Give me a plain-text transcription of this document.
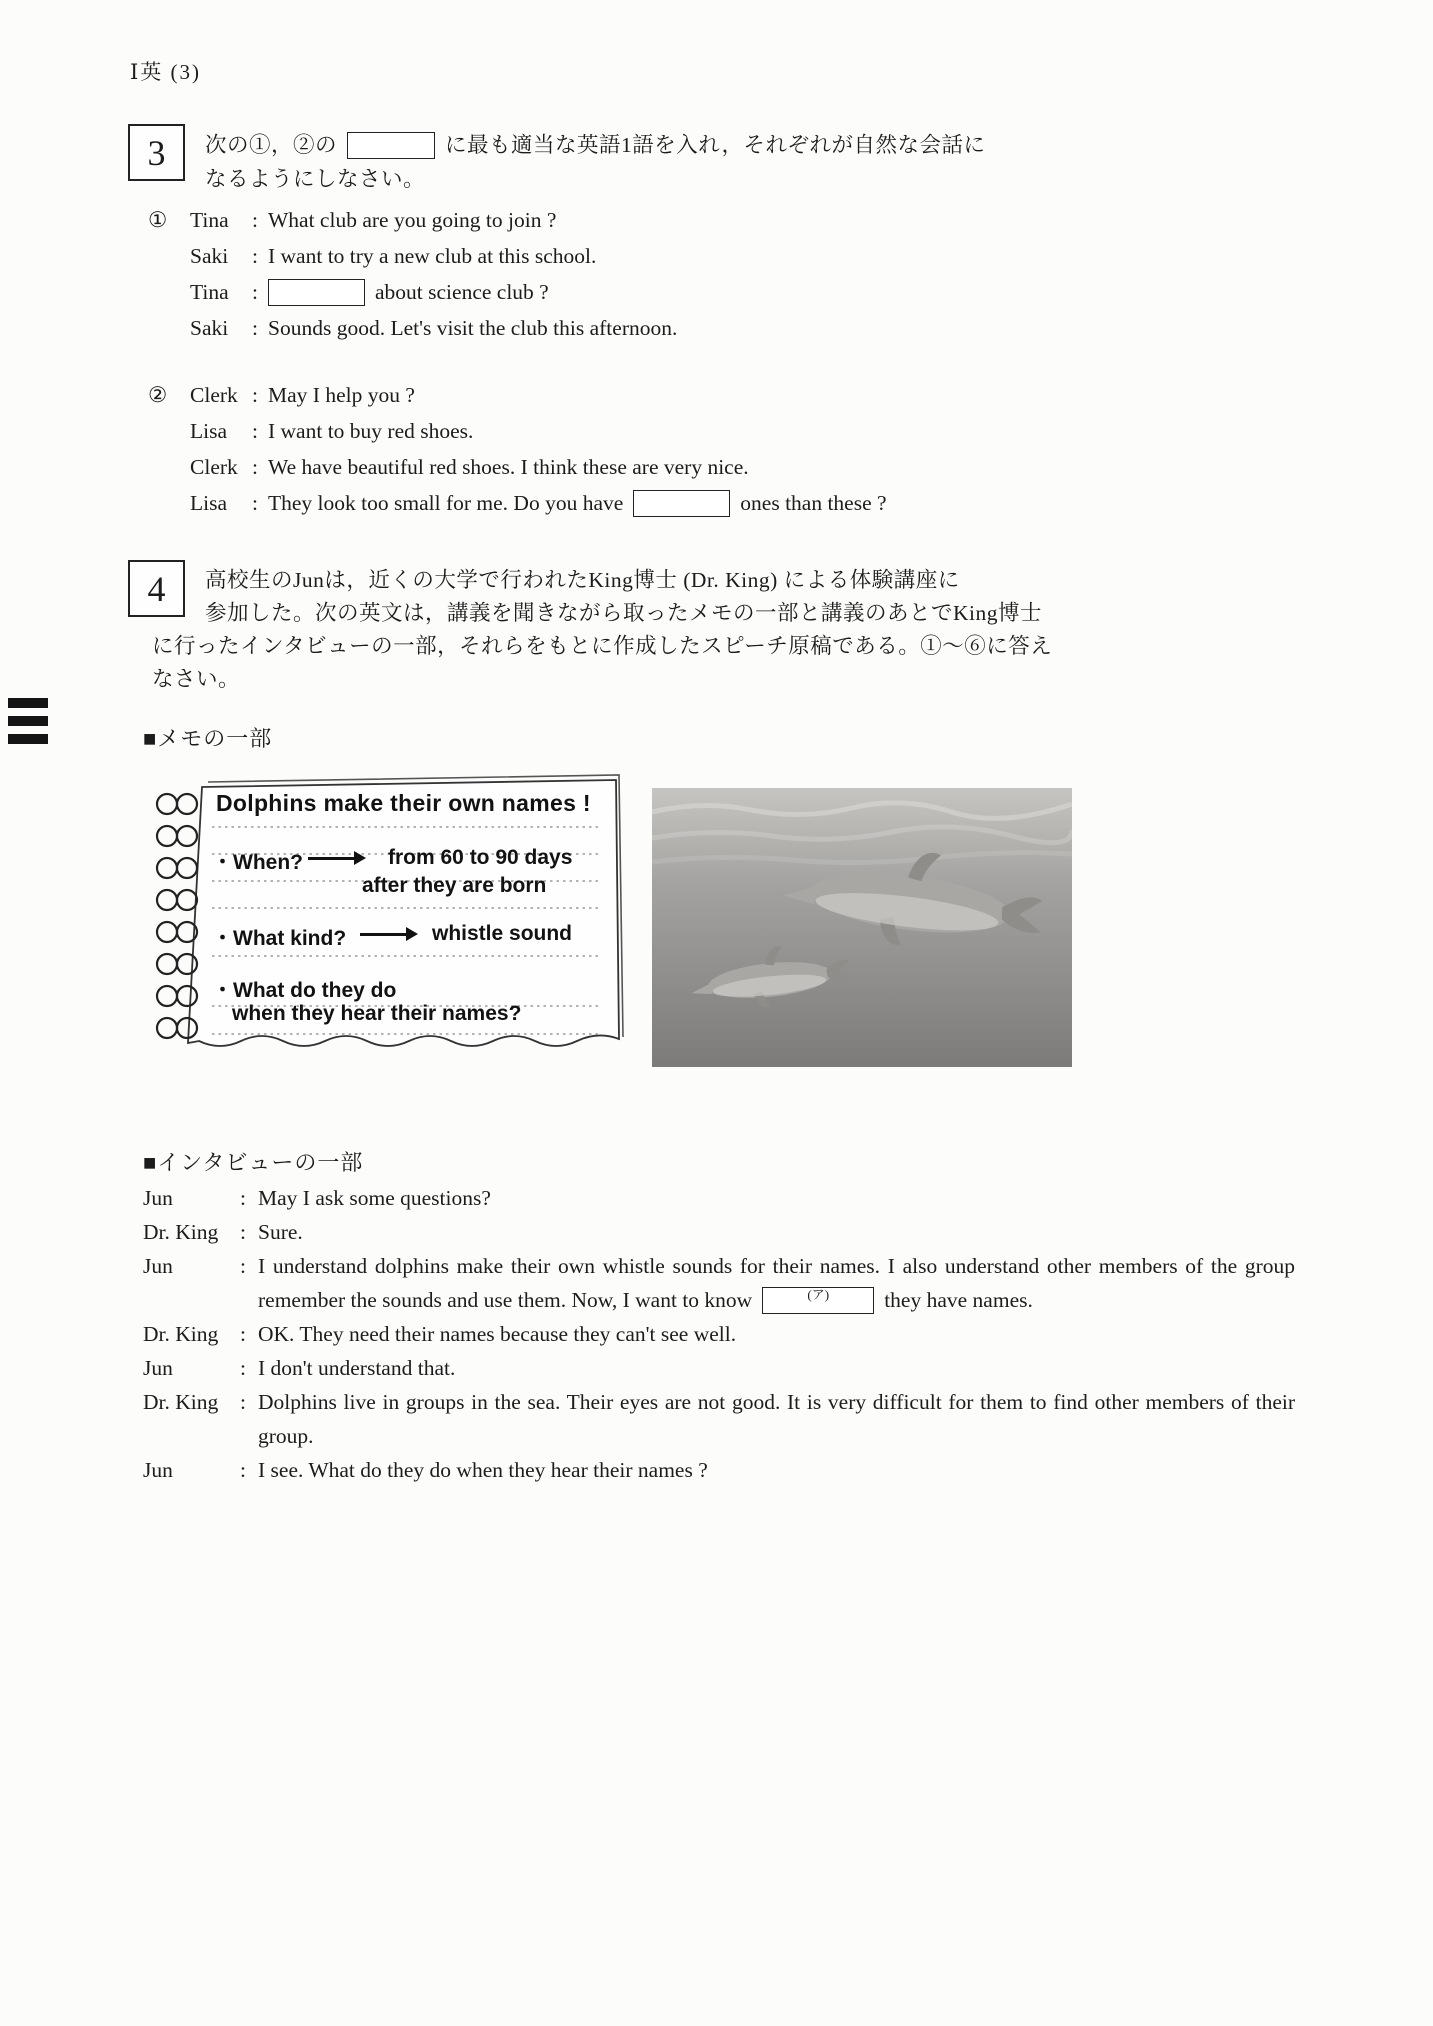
Ⅰ英 (3)
3 次の①，②の	に最も適当な英語1語を入れ，それぞれが自然な会話に
なるようにしなさい。
①	Tina	: What club are you going to join ?
Saki	: I want to try a new club at this school.
Tina	:	about science club ?
Saki	: Sounds good. Let's visit the club this afternoon.
②	Clerk : May I help you ?
Lisa	: I want to buy red shoes.
Clerk : We have beautiful red shoes. I think these are very nice.
Lisa	: They look too small for me. Do you have	ones than these ?
4 高校生のJunは，近くの大学で行われたKing博士 (Dr. King) による体験講座に
参加した。次の英文は，講義を聞きながら取ったメモの一部と講義のあとでKing博士
に行ったインタビューの一部，それらをもとに作成したスピーチ原稿である。①～⑥に答え
なさい。
■メモの一部
Dolphins make their own names !
・When?	from 60 to 90 days
after they are born
・What kind?	whistle sound
・What do they do
when they hear their names?
■インタビューの一部
Jun	: May I ask some questions?
Dr. King	: Sure.
Jun	: I understand dolphins make their own whistle sounds for their names. I also understand other members of the group remember the sounds and use them. Now, I want to know	(ア)	they have names.
Dr. King	: OK. They need their names because they can't see well.
Jun	: I don't understand that.
Dr. King	: Dolphins live in groups in the sea. Their eyes are not good. It is very difficult for them to find other members of their group.
Jun	: I see. What do they do when they hear their names ?
